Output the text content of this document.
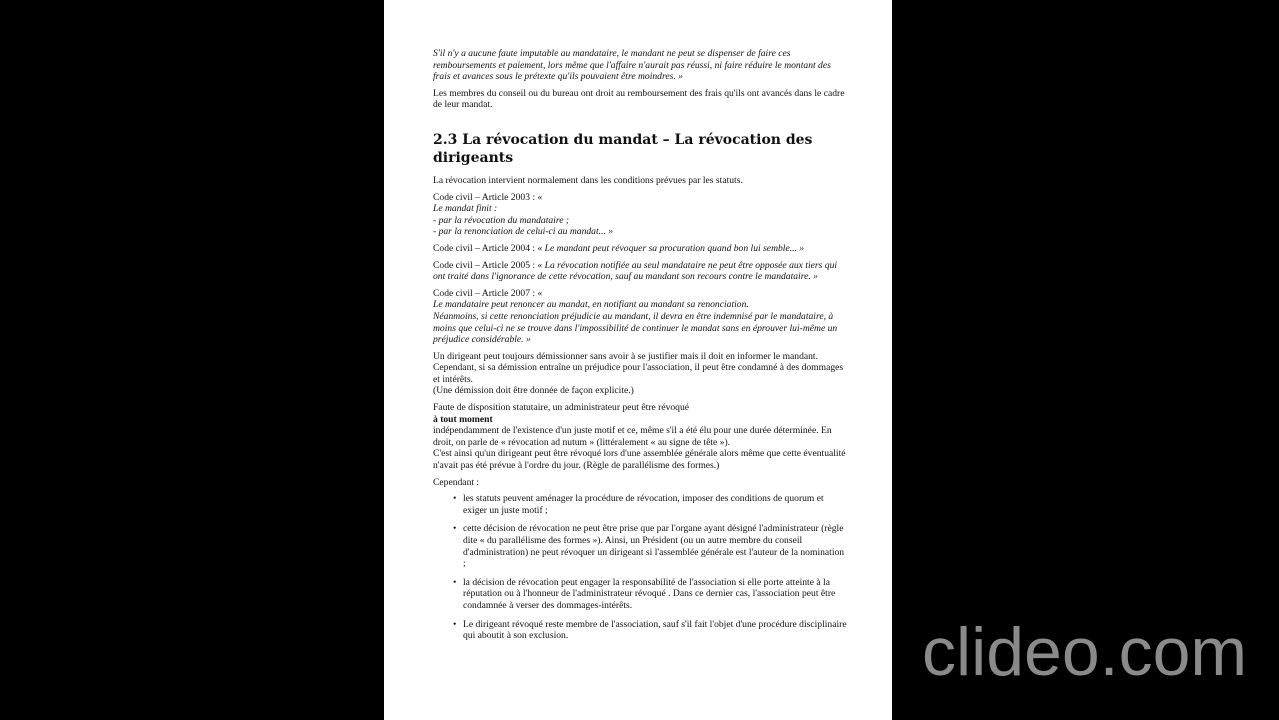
S'il n'y a aucune faute imputable au mandataire, le mandant ne peut se dispenser de faire ces remboursements et paiement, lors même que l'affaire n'aurait pas réussi, ni faire réduire le montant des frais et avances sous le prétexte qu'ils pouvaient être moindres. »

Les membres du conseil ou du bureau ont droit au remboursement des frais qu'ils ont avancés dans le cadre de leur mandat.

2.3 La révocation du mandat – La révocation des dirigeants

La révocation intervient normalement dans les conditions prévues par les statuts.

Code civil – Article 2003 : «
Le mandat finit :
- par la révocation du mandataire ;
- par la renonciation de celui-ci au mandat... »

Code civil – Article 2004 : « Le mandant peut révoquer sa procuration quand bon lui semble... »

Code civil – Article 2005 : « La révocation notifiée au seul mandataire ne peut être opposée aux tiers qui ont traité dans l'ignorance de cette révocation, sauf au mandant son recours contre le mandataire. »

Code civil – Article 2007 : «
Le mandataire peut renoncer au mandat, en notifiant au mandant sa renonciation.
Néanmoins, si cette renonciation préjudicie au mandant, il devra en être indemnisé par le mandataire, à moins que celui-ci ne se trouve dans l'impossibilité de continuer le mandat sans en éprouver lui-même un préjudice considérable. »
Un dirigeant peut toujours démissionner sans avoir à se justifier mais il doit en informer le mandant.
Cependant, si sa démission entraîne un préjudice pour l'association, il peut être condamné à des dommages et intérêts.
(Une démission doit être donnée de façon explicite.)
Faute de disposition statutaire, un administrateur peut être révoqué
à tout moment
indépendamment de l'existence d'un juste motif et ce, même s'il a été élu pour une durée déterminée. En droit, on parle de « révocation ad nutum » (littéralement « au signe de tête »).
C'est ainsi qu'un dirigeant peut être révoqué lors d'une assemblée générale alors même que cette éventualité n'avait pas été prévue à l'ordre du jour. (Règle de parallélisme des formes.)

Cependant :

• les statuts peuvent aménager la procédure de révocation, imposer des conditions de quorum et exiger un juste motif ;
• cette décision de révocation ne peut être prise que par l'organe ayant désigné l'administrateur (règle dite « du parallélisme des formes »). Ainsi, un Président (ou un autre membre du conseil d'administration) ne peut révoquer un dirigeant si l'assemblée générale est l'auteur de la nomination ;
• la décision de révocation peut engager la responsabilité de l'association si elle porte atteinte à la réputation ou à l'honneur de l'administrateur révoqué . Dans ce dernier cas, l'association peut être condamnée à verser des dommages-intérêts.
• Le dirigeant révoqué reste membre de l'association, sauf s'il fait l'objet d'une procédure disciplinaire qui aboutit à son exclusion.	clideo.com
